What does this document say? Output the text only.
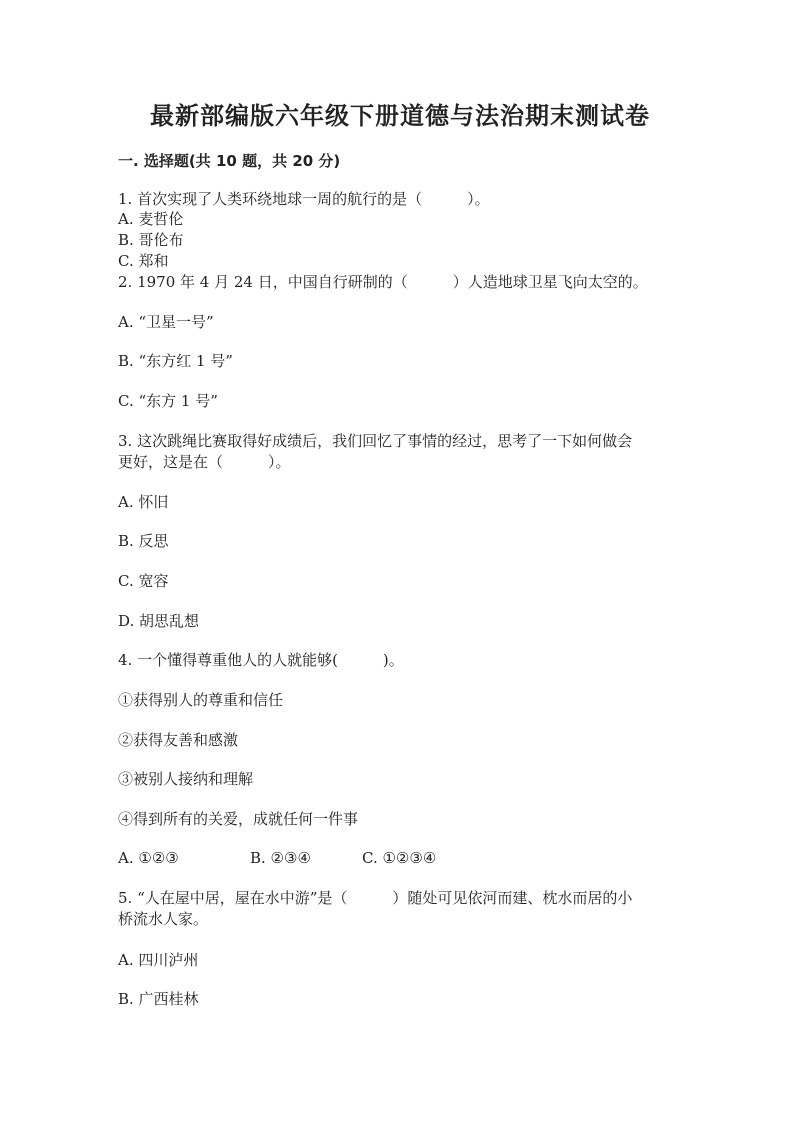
最新部编版六年级下册道德与法治期末测试卷
一. 选择题(共 10 题，共 20 分)
1. 首次实现了人类环绕地球一周的航行的是（　　　）。
A. 麦哲伦
B. 哥伦布
C. 郑和
2. 1970 年 4 月 24 日，中国自行研制的（　　　）人造地球卫星飞向太空的。
A. “卫星一号”
B. “东方红 1 号”
C. “东方 1 号”
3. 这次跳绳比赛取得好成绩后，我们回忆了事情的经过，思考了一下如何做会
更好，这是在（　　　）。
A. 怀旧
B. 反思
C. 宽容
D. 胡思乱想
4. 一个懂得尊重他人的人就能够(　　　)。
①获得别人的尊重和信任
②获得友善和感激
③被别人接纳和理解
④得到所有的关爱，成就任何一件事
A. ①②③	B. ②③④	C. ①②③④
5. “人在屋中居，屋在水中游”是（　　　）随处可见依河而建、枕水而居的小
桥流水人家。
A. 四川泸州
B. 广西桂林
